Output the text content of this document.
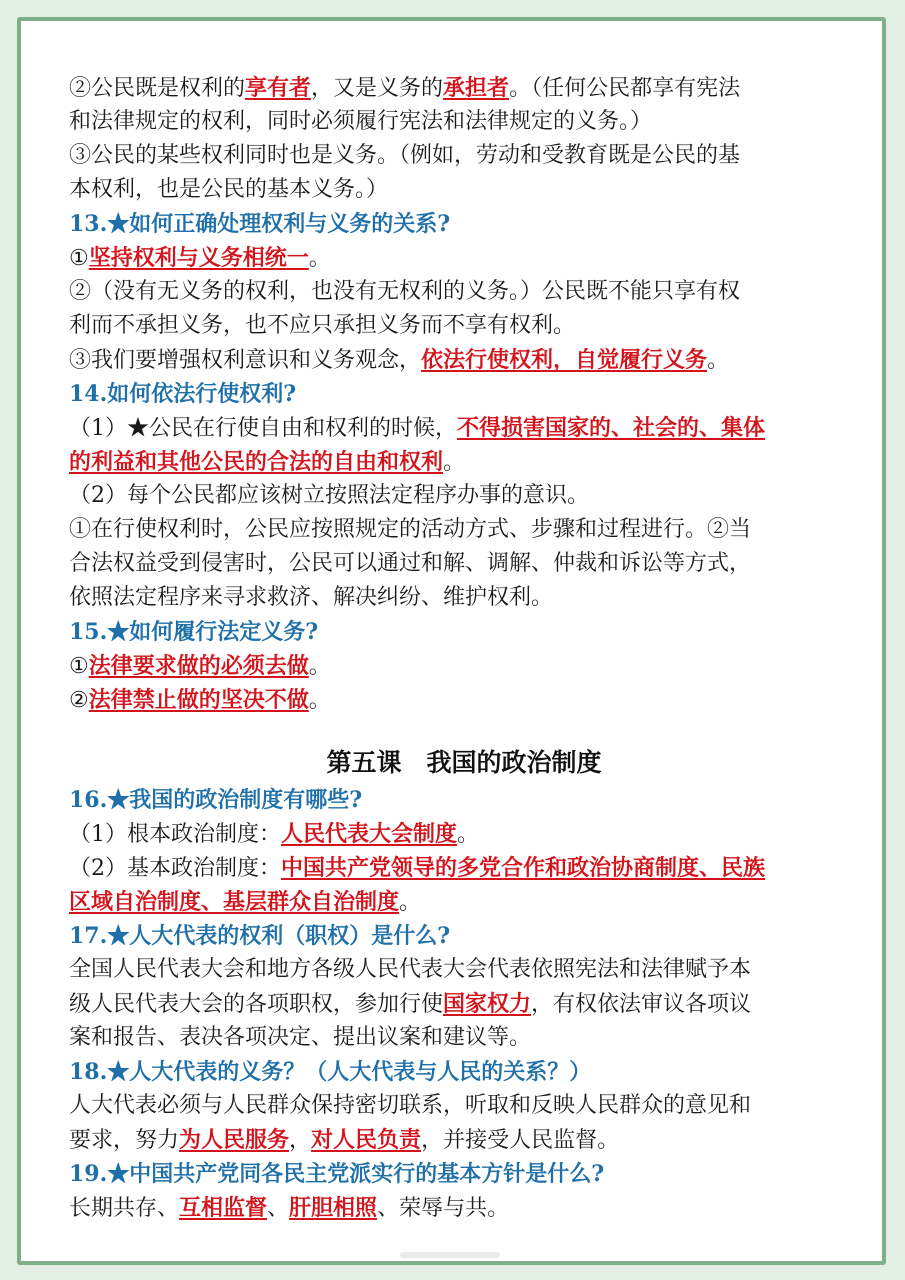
②公民既是权利的享有者，又是义务的承担者。（任何公民都享有宪法
和法律规定的权利，同时必须履行宪法和法律规定的义务。）
③公民的某些权利同时也是义务。（例如，劳动和受教育既是公民的基
本权利，也是公民的基本义务。）
13.★如何正确处理权利与义务的关系?
①坚持权利与义务相统一。
②（没有无义务的权利，也没有无权利的义务。）公民既不能只享有权
利而不承担义务，也不应只承担义务而不享有权利。
③我们要增强权利意识和义务观念，依法行使权利，自觉履行义务。
14.如何依法行使权利?
（1）★公民在行使自由和权利的时候，不得损害国家的、社会的、集体
的利益和其他公民的合法的自由和权利。
（2）每个公民都应该树立按照法定程序办事的意识。
①在行使权利时，公民应按照规定的活动方式、步骤和过程进行。②当
合法权益受到侵害时，公民可以通过和解、调解、仲裁和诉讼等方式，
依照法定程序来寻求救济、解决纠纷、维护权利。
15.★如何履行法定义务?
①法律要求做的必须去做。
②法律禁止做的坚决不做。
第五课　我国的政治制度
16.★我国的政治制度有哪些?
（1）根本政治制度：人民代表大会制度。
（2）基本政治制度：中国共产党领导的多党合作和政治协商制度、民族
区域自治制度、基层群众自治制度。
17.★人大代表的权利（职权）是什么?
全国人民代表大会和地方各级人民代表大会代表依照宪法和法律赋予本
级人民代表大会的各项职权，参加行使国家权力，有权依法审议各项议
案和报告、表决各项决定、提出议案和建议等。
18.★人大代表的义务？（人大代表与人民的关系？）
人大代表必须与人民群众保持密切联系，听取和反映人民群众的意见和
要求，努力为人民服务，对人民负责，并接受人民监督。
19.★中国共产党同各民主党派实行的基本方针是什么?
长期共存、互相监督、肝胆相照、荣辱与共。
